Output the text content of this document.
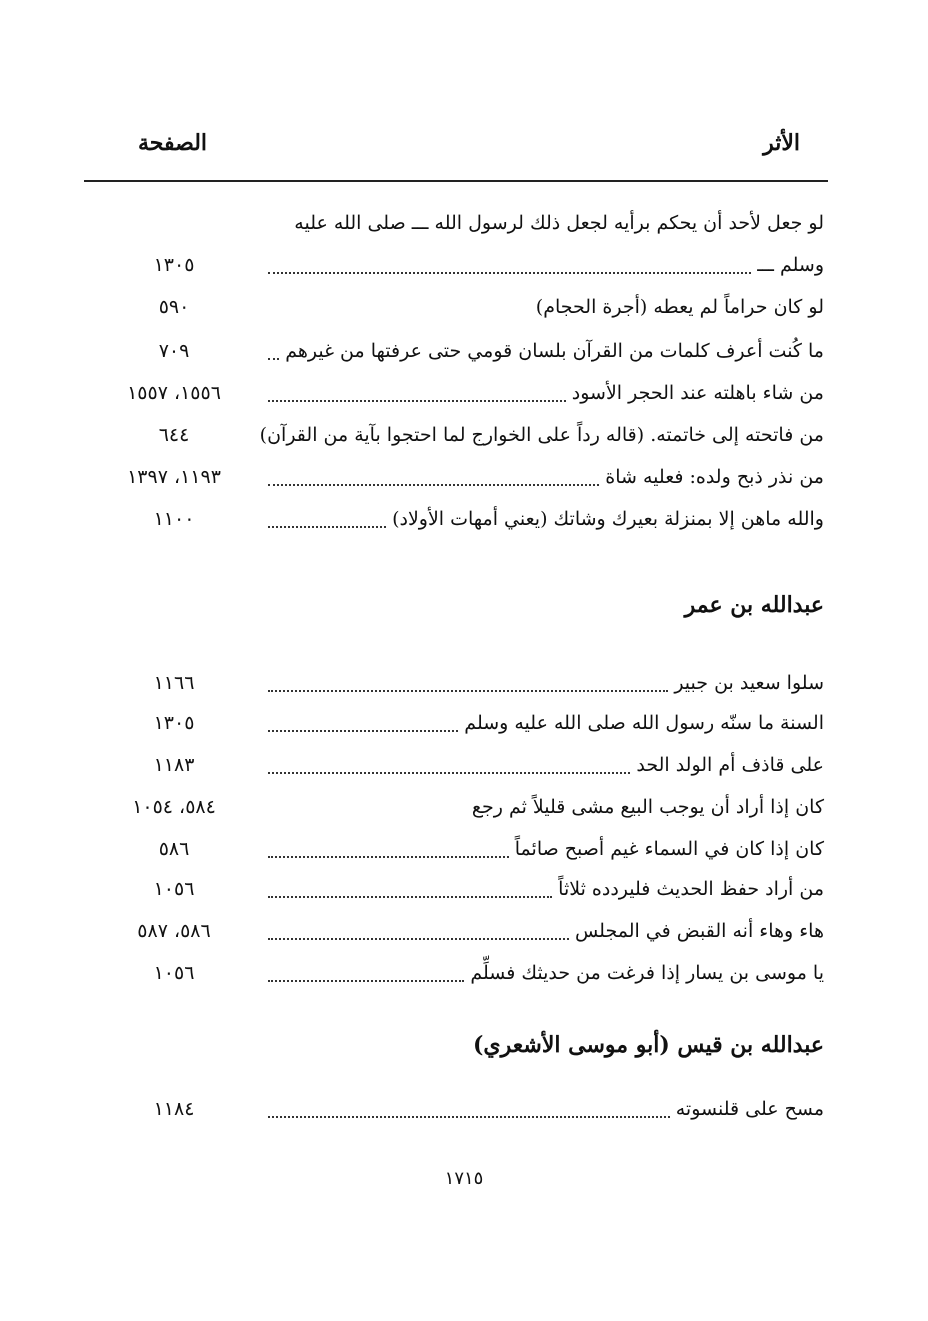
الأثر
الصفحة
لو جعل لأحد أن يحكم برأيه لجعل ذلك لرسول الله ـــ صلى الله عليه
وسلم ـــ
١٣٠٥
لو كان حراماً لم يعطه (أجرة الحجام)
٥٩٠
ما كُنت أعرف كلمات من القرآن بلسان قومي حتى عرفتها من غيرهم
٧٠٩
من شاء باهلته عند الحجر الأسود
١٥٥٦، ١٥٥٧
من فاتحته إلى خاتمته. (قاله رداً على الخوارج لما احتجوا بآية من القرآن)
٦٤٤
من نذر ذبح ولده: فعليه شاة
١١٩٣، ١٣٩٧
والله ماهن إلا بمنزلة بعيرك وشاتك (يعني أمهات الأولاد)
١١٠٠
عبدالله بن عمر
سلوا سعيد بن جبير
١١٦٦
السنة ما سنّه رسول الله صلى الله عليه وسلم
١٣٠٥
على قاذف أم الولد الحد
١١٨٣
كان إذا أراد أن يوجب البيع مشى قليلاً ثم رجع
٥٨٤، ١٠٥٤
كان إذا كان في السماء غيم أصبح صائماً
٥٨٦
من أراد حفظ الحديث فليردده ثلاثاً
١٠٥٦
هاء وهاء أنه القبض في المجلس
٥٨٦، ٥٨٧
يا موسى بن يسار إذا فرغت من حديثك فسلِّم
١٠٥٦
عبدالله بن قيس (أبو موسى الأشعري)
مسح على قلنسوته
١١٨٤
١٧١٥
